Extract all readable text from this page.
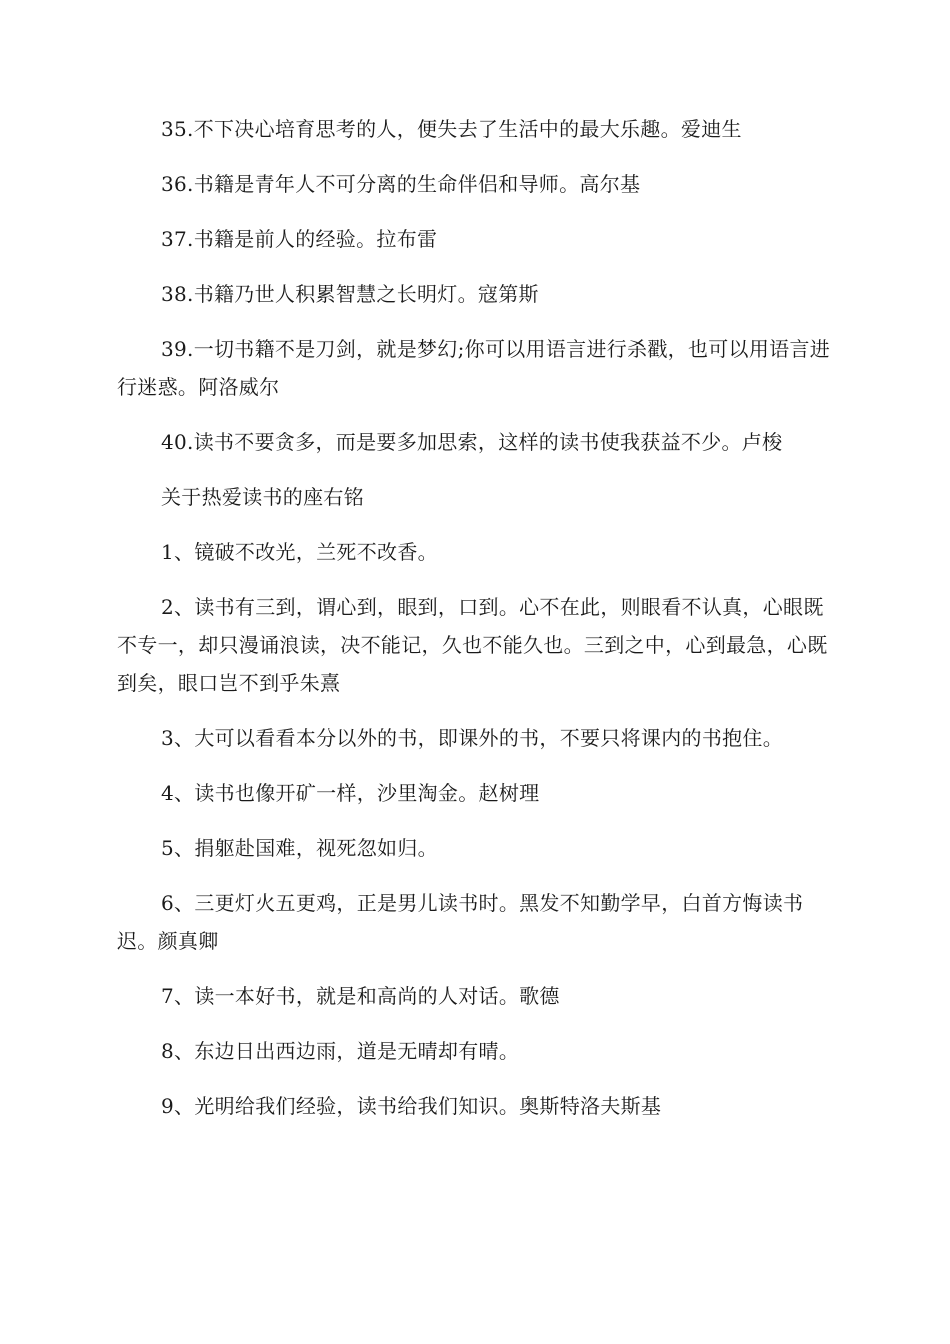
35.不下决心培育思考的人，便失去了生活中的最大乐趣。爱迪生

36.书籍是青年人不可分离的生命伴侣和导师。高尔基

37.书籍是前人的经验。拉布雷

38.书籍乃世人积累智慧之长明灯。寇第斯

39.一切书籍不是刀剑，就是梦幻;你可以用语言进行杀戳，也可以用语言进行迷惑。阿洛威尔

40.读书不要贪多，而是要多加思索，这样的读书使我获益不少。卢梭

关于热爱读书的座右铭

1、镜破不改光，兰死不改香。

2、读书有三到，谓心到，眼到，口到。心不在此，则眼看不认真，心眼既不专一，却只漫诵浪读，决不能记，久也不能久也。三到之中，心到最急，心既到矣，眼口岂不到乎朱熹

3、大可以看看本分以外的书，即课外的书，不要只将课内的书抱住。

4、读书也像开矿一样，沙里淘金。赵树理

5、捐躯赴国难，视死忽如归。

6、三更灯火五更鸡，正是男儿读书时。黑发不知勤学早，白首方悔读书迟。颜真卿

7、读一本好书，就是和高尚的人对话。歌德

8、东边日出西边雨，道是无晴却有晴。

9、光明给我们经验，读书给我们知识。奥斯特洛夫斯基
